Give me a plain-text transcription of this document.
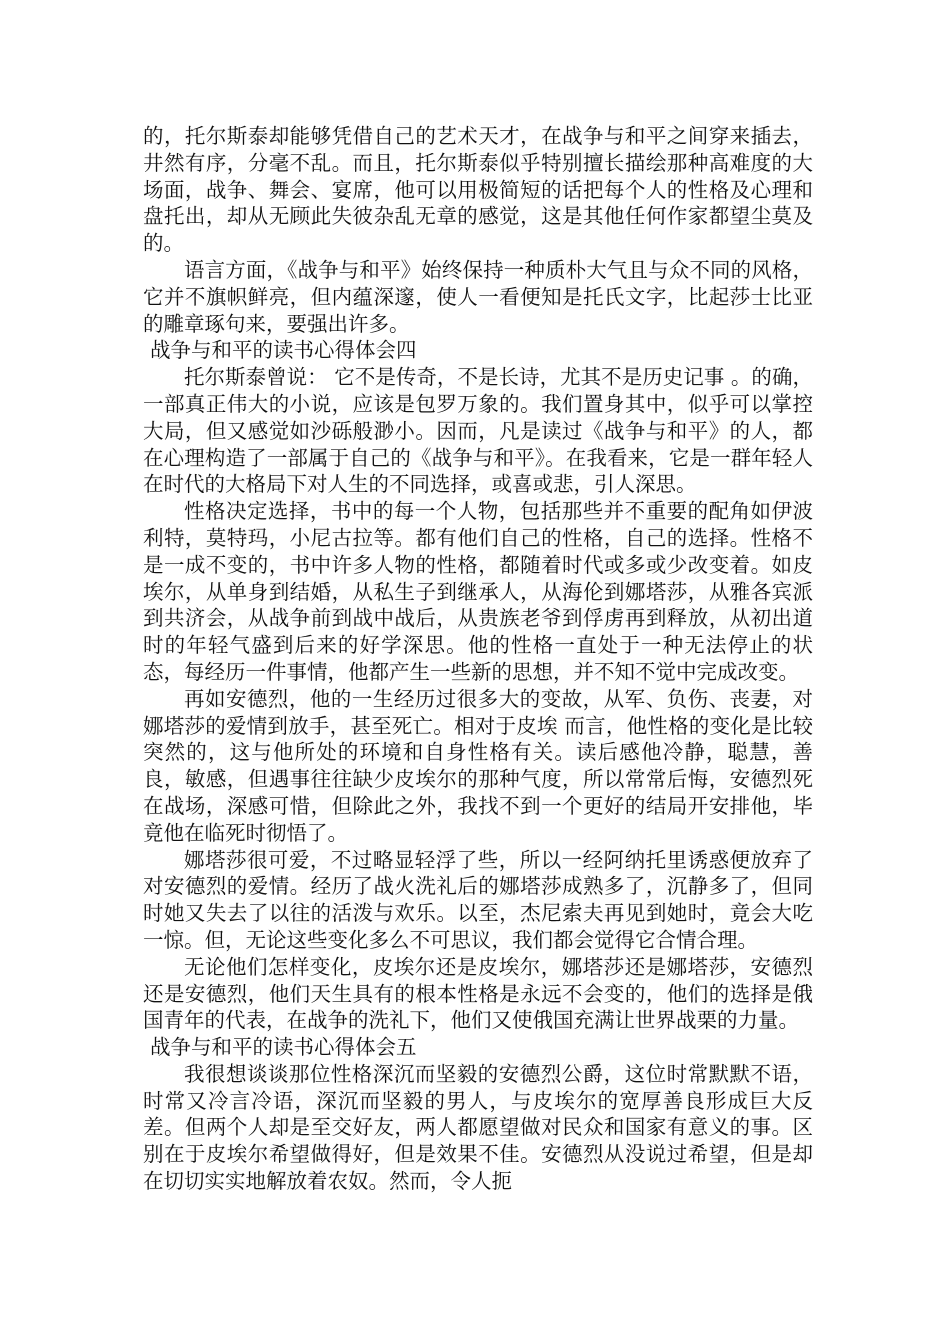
的，托尔斯泰却能够凭借自己的艺术天才，在战争与和平之间穿来插去，井然有序，分毫不乱。而且，托尔斯泰似乎特别擅长描绘那种高难度的大场面，战争、舞会、宴席，他可以用极简短的话把每个人的性格及心理和盘托出，却从无顾此失彼杂乱无章的感觉，这是其他任何作家都望尘莫及的。

语言方面，《战争与和平》始终保持一种质朴大气且与众不同的风格，它并不旗帜鲜亮，但内蕴深邃，使人一看便知是托氏文字，比起莎士比亚的雕章琢句来，要强出许多。

战争与和平的读书心得体会四

托尔斯泰曾说： 它不是传奇，不是长诗，尤其不是历史记事 。的确，一部真正伟大的小说，应该是包罗万象的。我们置身其中，似乎可以掌控大局，但又感觉如沙砾般渺小。因而，凡是读过《战争与和平》的人，都在心理构造了一部属于自己的《战争与和平》。在我看来，它是一群年轻人在时代的大格局下对人生的不同选择，或喜或悲，引人深思。

性格决定选择，书中的每一个人物，包括那些并不重要的配角如伊波利特，莫特玛，小尼古拉等。都有他们自己的性格，自己的选择。性格不是一成不变的，书中许多人物的性格，都随着时代或多或少改变着。如皮埃尔，从单身到结婚，从私生子到继承人，从海伦到娜塔莎，从雅各宾派到共济会，从战争前到战中战后，从贵族老爷到俘虏再到释放，从初出道时的年轻气盛到后来的好学深思。他的性格一直处于一种无法停止的状态，每经历一件事情，他都产生一些新的思想，并不知不觉中完成改变。

再如安德烈，他的一生经历过很多大的变故，从军、负伤、丧妻，对娜塔莎的爱情到放手，甚至死亡。相对于皮埃 而言，他性格的变化是比较突然的，这与他所处的环境和自身性格有关。读后感他冷静，聪慧，善良，敏感，但遇事往往缺少皮埃尔的那种气度，所以常常后悔，安德烈死在战场，深感可惜，但除此之外，我找不到一个更好的结局开安排他，毕竟他在临死时彻悟了。

娜塔莎很可爱，不过略显轻浮了些，所以一经阿纳托里诱惑便放弃了对安德烈的爱情。经历了战火洗礼后的娜塔莎成熟多了，沉静多了，但同时她又失去了以往的活泼与欢乐。以至，杰尼索夫再见到她时，竟会大吃一惊。但，无论这些变化多么不可思议，我们都会觉得它合情合理。

无论他们怎样变化，皮埃尔还是皮埃尔，娜塔莎还是娜塔莎，安德烈还是安德烈，他们天生具有的根本性格是永远不会变的，他们的选择是俄国青年的代表，在战争的洗礼下，他们又使俄国充满让世界战栗的力量。

战争与和平的读书心得体会五

我很想谈谈那位性格深沉而坚毅的安德烈公爵，这位时常默默不语，时常又冷言冷语，深沉而坚毅的男人，与皮埃尔的宽厚善良形成巨大反差。但两个人却是至交好友，两人都愿望做对民众和国家有意义的事。区别在于皮埃尔希望做得好，但是效果不佳。安德烈从没说过希望，但是却在切切实实地解放着农奴。然而，令人扼
